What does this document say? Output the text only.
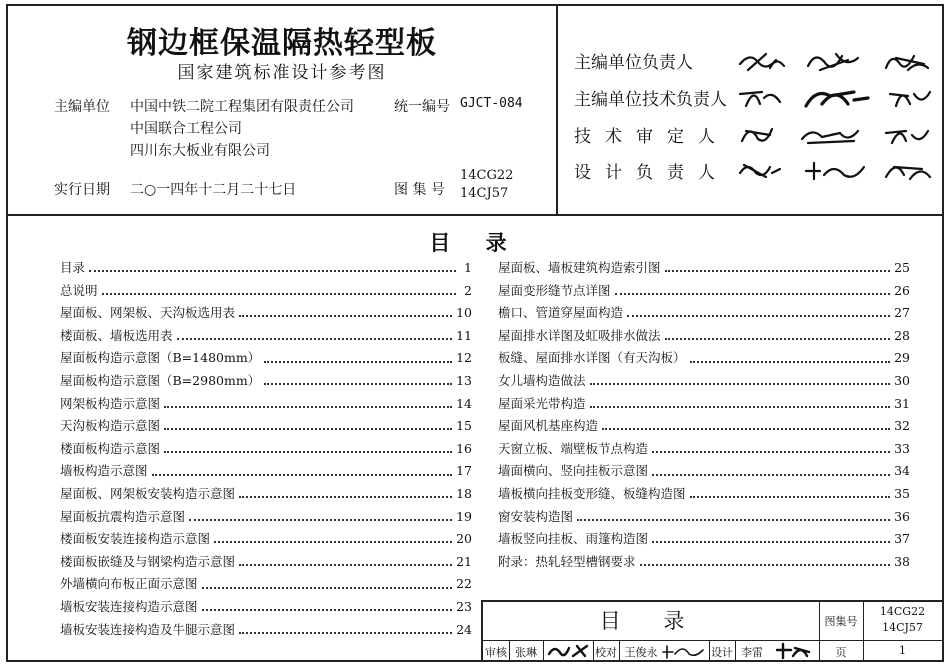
钢边框保温隔热轻型板
国家建筑标准设计参考图
主编单位 中国中铁二院工程集团有限责任公司
中国联合工程公司
四川东大板业有限公司
统一编号 GJCT-084
实行日期 二○一四年十二月二十七日	图 集 号
14CG22
14CJ57
主编单位负责人
主编单位技术负责人
技术审定人
设计负责人
目 录
目录	1
总说明	2
屋面板、网架板、天沟板选用表	10
楼面板、墙板选用表	11
屋面板构造示意图（B=1480mm）	12
屋面板构造示意图（B=2980mm）	13
网架板构造示意图	14
天沟板构造示意图	15
楼面板构造示意图	16
墙板构造示意图	17
屋面板、网架板安装构造示意图	18
屋面板抗震构造示意图	19
楼面板安装连接构造示意图	20
楼面板嵌缝及与钢梁构造示意图	21
外墙横向布板正面示意图	22
墙板安装连接构造示意图	23
墙板安装连接构造及牛腿示意图	24
屋面板、墙板建筑构造索引图	25
屋面变形缝节点详图	26
檐口、管道穿屋面构造	27
屋面排水详图及虹吸排水做法	28
板缝、屋面排水详图（有天沟板）	29
女儿墙构造做法	30
屋面采光带构造	31
屋面风机基座构造	32
天窗立板、端壁板节点构造	33
墙面横向、竖向挂板示意图	34
墙板横向挂板变形缝、板缝构造图	35
窗安装构造图	36
墙板竖向挂板、雨篷构造图	37
附录：热轧轻型槽钢要求	38
目 录	图集号
14CG22
14CJ57
审核 张琳	校对 王俊永	设计 李雷	页	1
